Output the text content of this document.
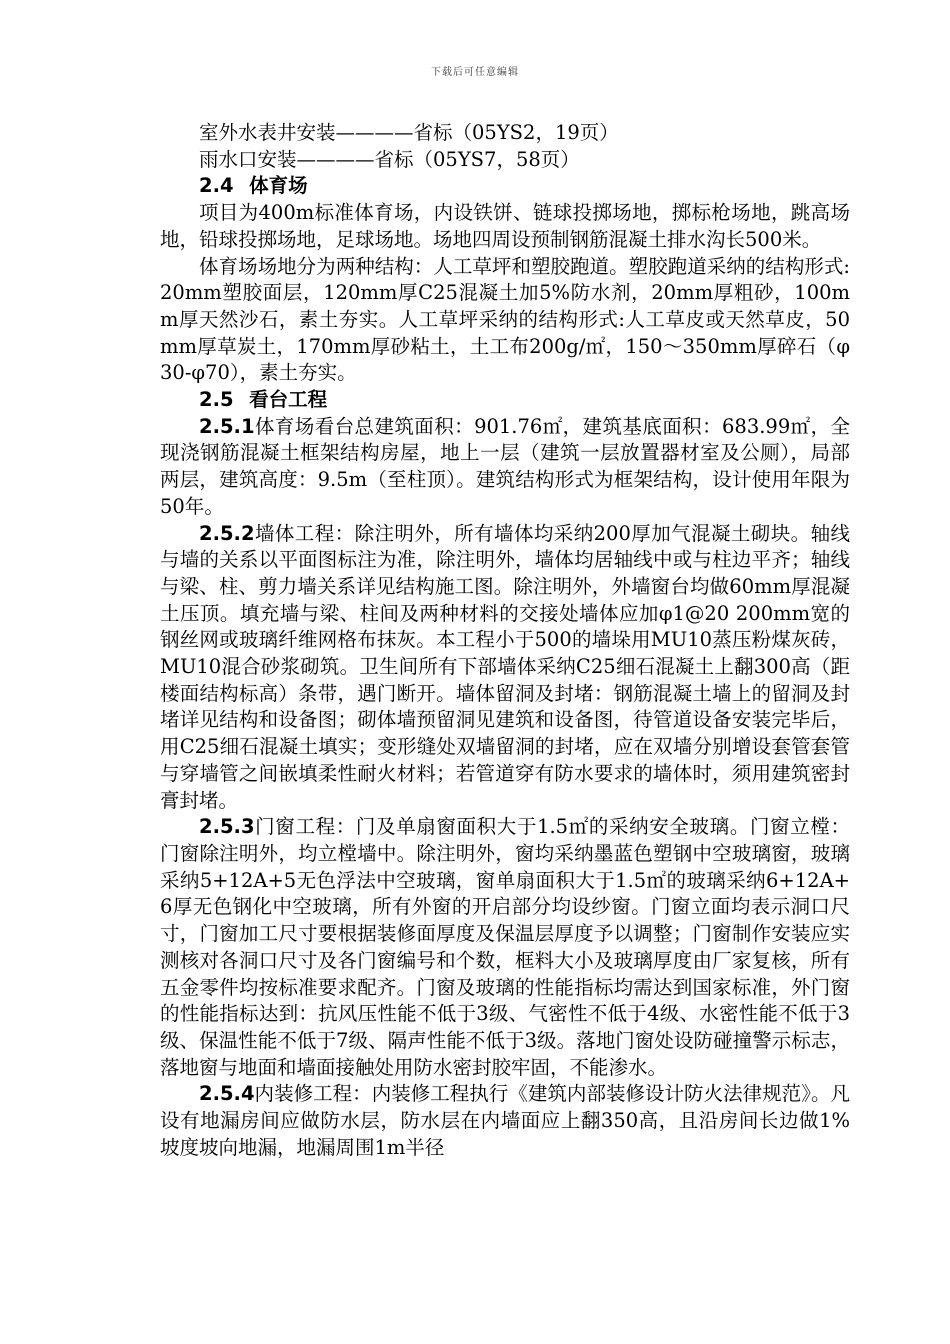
下载后可任意编辑

室外水表井安装————省标（05YS2，19页）

雨水口安装————省标（05YS7，58页）

2.4 体育场

项目为400m标准体育场，内设铁饼、链球投掷场地，掷标枪场地，跳高场地，铅球投掷场地，足球场地。场地四周设预制钢筋混凝土排水沟长500米。

体育场场地分为两种结构：人工草坪和塑胶跑道。塑胶跑道采纳的结构形式:20mm塑胶面层，120mm厚C25混凝土加5%防水剂，20mm厚粗砂，100mm厚天然沙石，素土夯实。人工草坪采纳的结构形式:人工草皮或天然草皮，50mm厚草炭土，170mm厚砂粘土，土工布200g/㎡，150～350mm厚碎石（φ30-φ70），素土夯实。

2.5 看台工程

2.5.1体育场看台总建筑面积：901.76㎡，建筑基底面积：683.99㎡，全现浇钢筋混凝土框架结构房屋，地上一层（建筑一层放置器材室及公厕），局部两层，建筑高度：9.5m（至柱顶）。建筑结构形式为框架结构，设计使用年限为50年。

2.5.2墙体工程：除注明外，所有墙体均采纳200厚加气混凝土砌块。轴线与墙的关系以平面图标注为准，除注明外，墙体均居轴线中或与柱边平齐；轴线与梁、柱、剪力墙关系详见结构施工图。除注明外，外墙窗台均做60mm厚混凝土压顶。填充墙与梁、柱间及两种材料的交接处墙体应加φ1@20 200mm宽的钢丝网或玻璃纤维网格布抹灰。本工程小于500的墙垛用MU10蒸压粉煤灰砖，MU10混合砂浆砌筑。卫生间所有下部墙体采纳C25细石混凝土上翻300高（距楼面结构标高）条带，遇门断开。墙体留洞及封堵：钢筋混凝土墙上的留洞及封堵详见结构和设备图；砌体墙预留洞见建筑和设备图，待管道设备安装完毕后，用C25细石混凝土填实；变形缝处双墙留洞的封堵，应在双墙分别增设套管套管与穿墙管之间嵌填柔性耐火材料；若管道穿有防水要求的墙体时，须用建筑密封膏封堵。

2.5.3门窗工程：门及单扇窗面积大于1.5㎡的采纳安全玻璃。门窗立樘：门窗除注明外，均立樘墙中。除注明外，窗均采纳墨蓝色塑钢中空玻璃窗，玻璃采纳5+12A+5无色浮法中空玻璃，窗单扇面积大于1.5㎡的玻璃采纳6+12A+6厚无色钢化中空玻璃，所有外窗的开启部分均设纱窗。门窗立面均表示洞口尺寸，门窗加工尺寸要根据装修面厚度及保温层厚度予以调整；门窗制作安装应实测核对各洞口尺寸及各门窗编号和个数，框料大小及玻璃厚度由厂家复核，所有五金零件均按标准要求配齐。门窗及玻璃的性能指标均需达到国家标准，外门窗的性能指标达到：抗风压性能不低于3级、气密性不低于4级、水密性能不低于3级、保温性能不低于7级、隔声性能不低于3级。落地门窗处设防碰撞警示标志，落地窗与地面和墙面接触处用防水密封胶牢固，不能渗水。

2.5.4内装修工程：内装修工程执行《建筑内部装修设计防火法律规范》。凡设有地漏房间应做防水层，防水层在内墙面应上翻350高，且沿房间长边做1%坡度坡向地漏，地漏周围1m半径
